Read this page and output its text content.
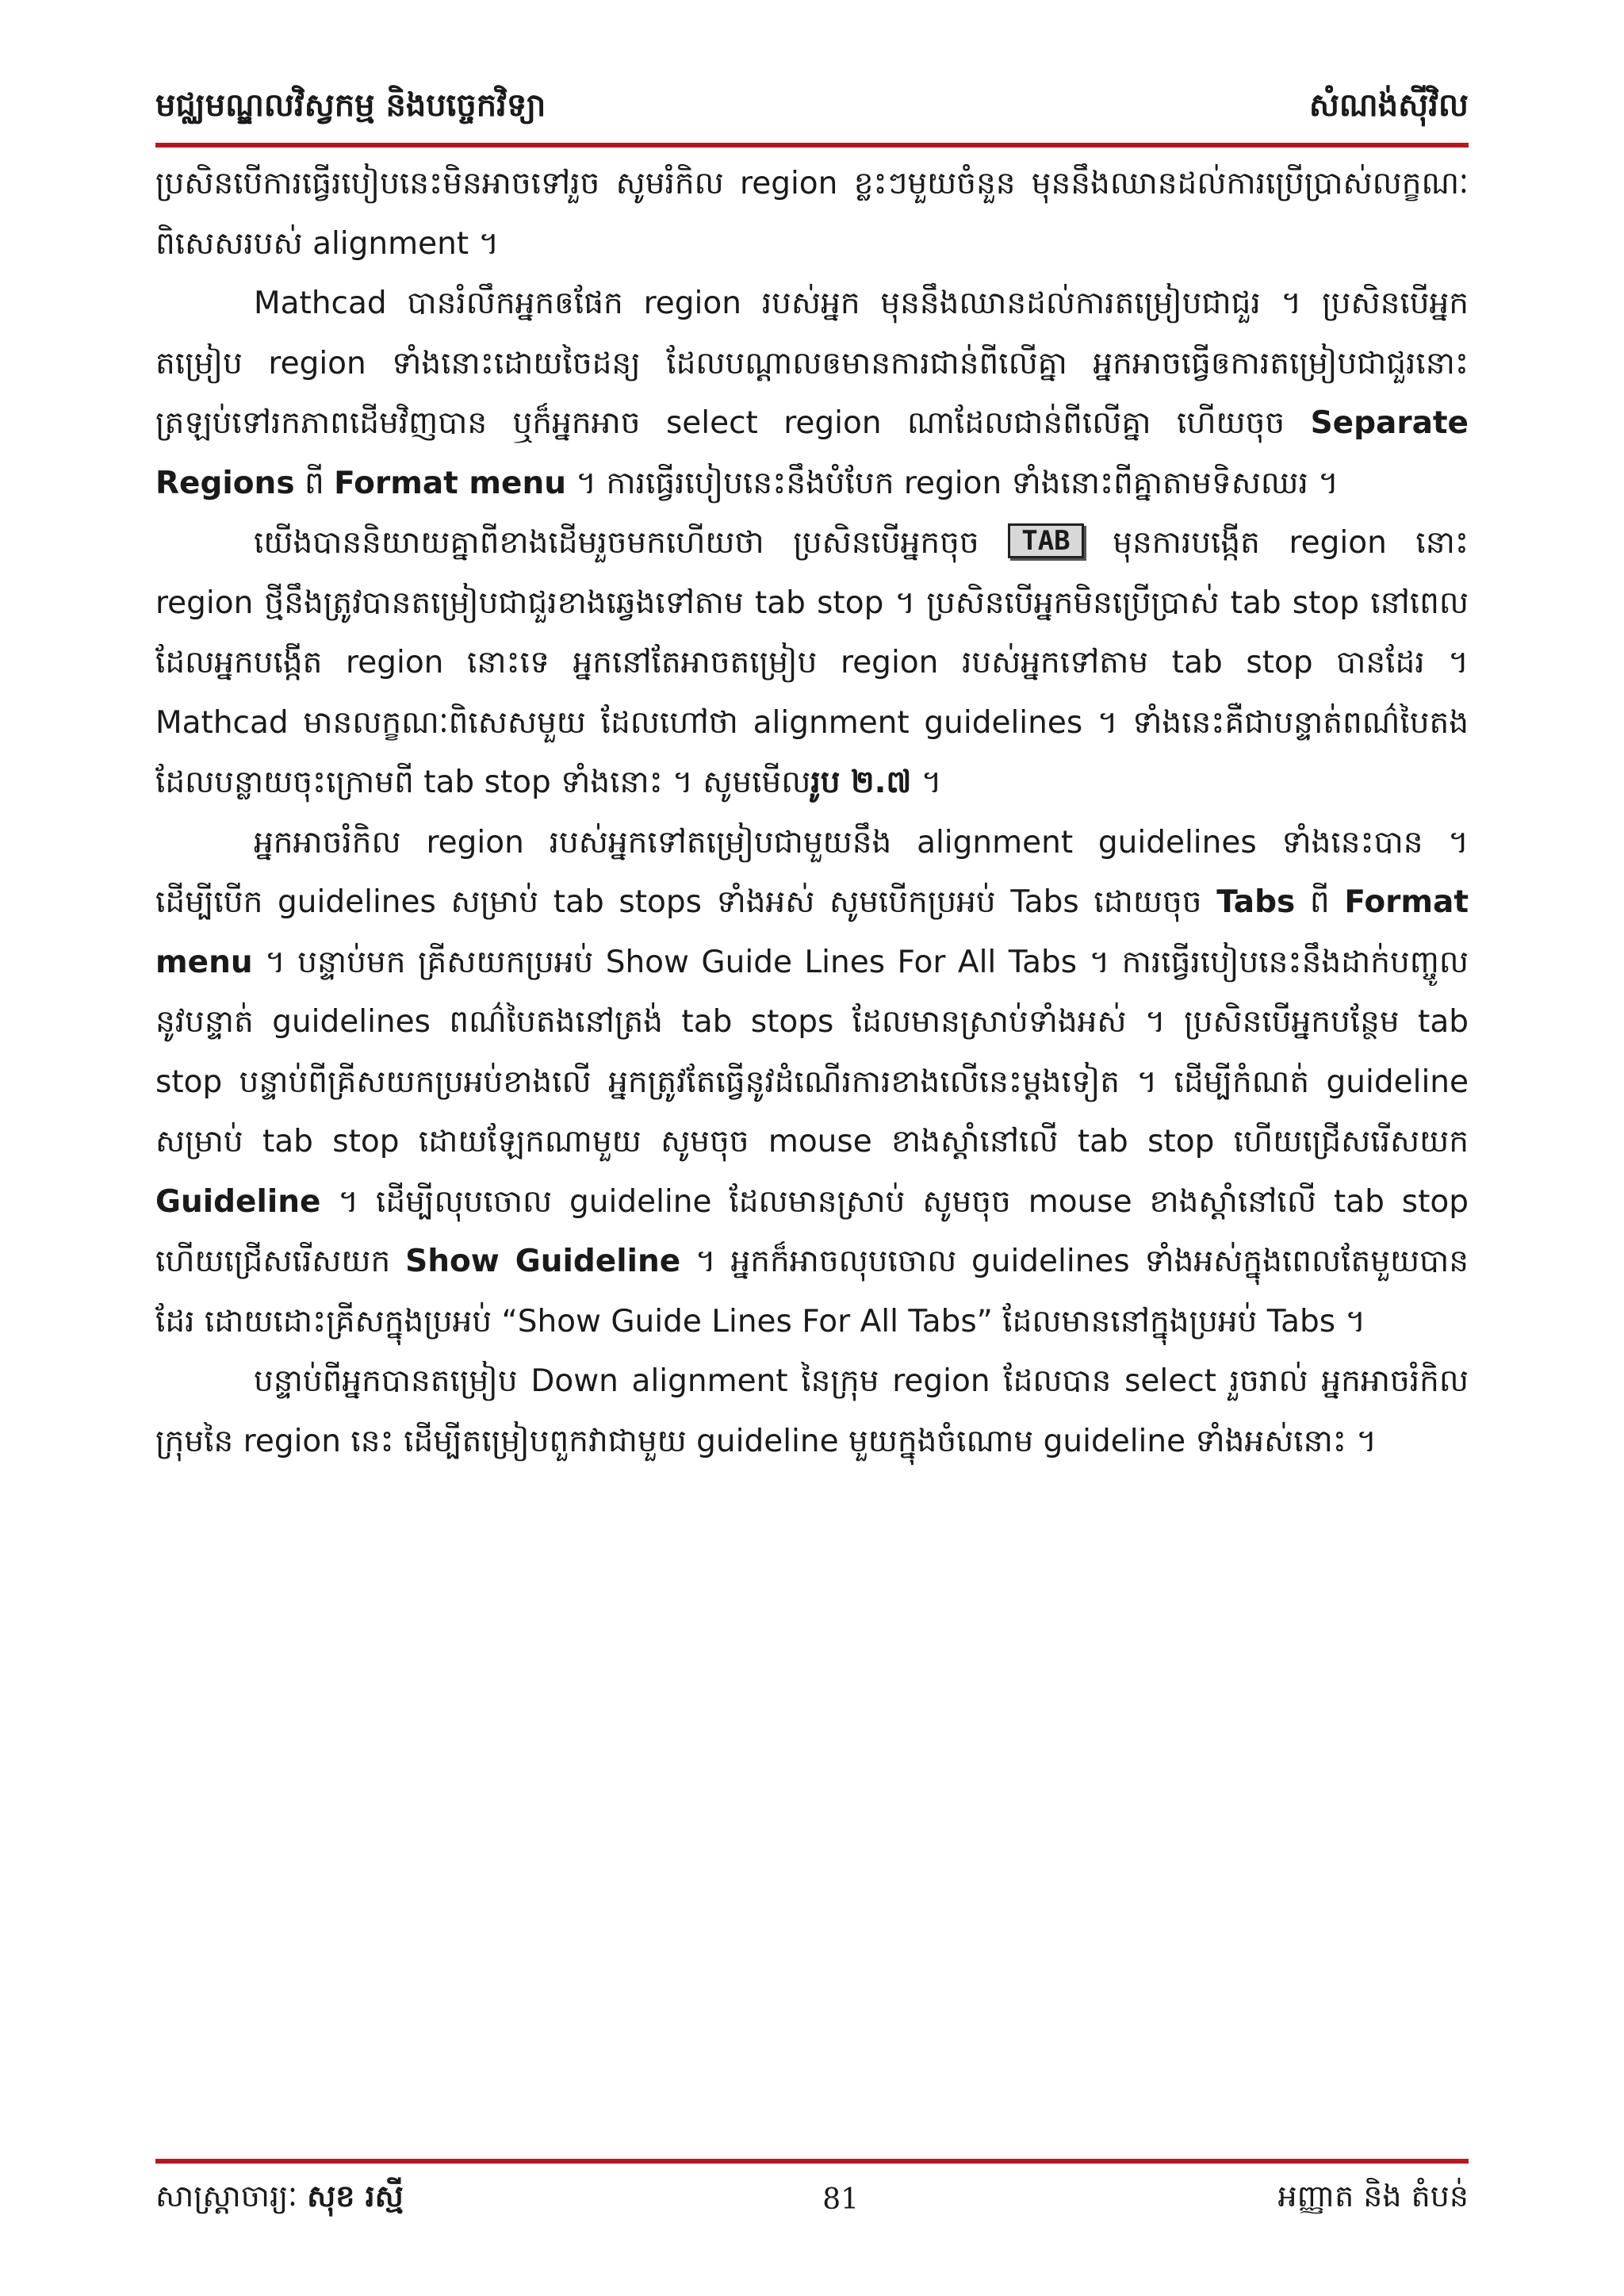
មជ្ឈមណ្ឌលវិស្វកម្ម និងបច្ចេកវិទ្យា	សំណង់ស៊ីវិល

ប្រសិនបើការធ្វើរបៀបនេះមិនអាចទៅរួច សូមរំកិល region ខ្លះៗមួយចំនួន មុននឹងឈានដល់ការប្រើប្រាស់លក្ខណៈពិសេសរបស់ alignment ។

Mathcad បានរំលឹកអ្នកឲផែក region របស់អ្នក មុននឹងឈានដល់ការតម្រៀបជាជួរ ។ ប្រសិនបើអ្នកតម្រៀប region ទាំងនោះដោយចៃដន្យ ដែលបណ្តាលឲមានការជាន់ពីលើគ្នា អ្នកអាចធ្វើឲការតម្រៀបជាជួរនោះត្រឡប់ទៅរកភាពដើមវិញបាន ឬក៏អ្នកអាច select region ណាដែលជាន់ពីលើគ្នា ហើយចុច Separate Regions ពី Format menu ។ ការធ្វើរបៀបនេះនឹងបំបែក region ទាំងនោះពីគ្នាតាមទិសឈរ ។

យើងបាននិយាយគ្នាពីខាងដើមរួចមកហើយថា ប្រសិនបើអ្នកចុច TAB មុនការបង្កើត region នោះ region ថ្មីនឹងត្រូវបានតម្រៀបជាជួរខាងឆ្វេងទៅតាម tab stop ។ ប្រសិនបើអ្នកមិនប្រើប្រាស់ tab stop នៅពេលដែលអ្នកបង្កើត region នោះទេ អ្នកនៅតែអាចតម្រៀប region របស់អ្នកទៅតាម tab stop បានដែរ ។ Mathcad មានលក្ខណៈពិសេសមួយ ដែលហៅថា alignment guidelines ។ ទាំងនេះគឺជាបន្ទាត់ពណ៌បៃតង ដែលបន្លាយចុះក្រោមពី tab stop ទាំងនោះ ។ សូមមើលរូប ២.៧ ។

អ្នកអាចរំកិល region របស់អ្នកទៅតម្រៀបជាមួយនឹង alignment guidelines ទាំងនេះបាន ។ ដើម្បីបើក guidelines សម្រាប់ tab stops ទាំងអស់ សូមបើកប្រអប់ Tabs ដោយចុច Tabs ពី Format menu ។ បន្ទាប់មក គ្រីសយកប្រអប់ Show Guide Lines For All Tabs ។ ការធ្វើរបៀបនេះនឹងដាក់បញ្ចូលនូវបន្ទាត់ guidelines ពណ៌បៃតងនៅត្រង់ tab stops ដែលមានស្រាប់ទាំងអស់ ។ ប្រសិនបើអ្នកបន្ថែម tab stop បន្ទាប់ពីគ្រីសយកប្រអប់ខាងលើ អ្នកត្រូវតែធ្វើនូវដំណើរការខាងលើនេះម្តងទៀត ។ ដើម្បីកំណត់ guideline សម្រាប់ tab stop ដោយឡែកណាមួយ សូមចុច mouse ខាងស្តាំនៅលើ tab stop ហើយជ្រើសរើសយក Guideline ។ ដើម្បីលុបចោល guideline ដែលមានស្រាប់ សូមចុច mouse ខាងស្តាំនៅលើ tab stop ហើយជ្រើសរើសយក Show Guideline ។ អ្នកក៏អាចលុបចោល guidelines ទាំងអស់ក្នុងពេលតែមួយបានដែរ ដោយដោះគ្រីសក្នុងប្រអប់ “Show Guide Lines For All Tabs” ដែលមាននៅក្នុងប្រអប់ Tabs ។

បន្ទាប់ពីអ្នកបានតម្រៀប Down alignment នៃក្រុម region ដែលបាន select រួចរាល់ អ្នកអាចរំកិលក្រុមនៃ region នេះ ដើម្បីតម្រៀបពួកវាជាមួយ guideline មួយក្នុងចំណោម guideline ទាំងអស់នោះ ។

សាស្ត្រាចារ្យៈ សុខ រស្មី	81	អញ្ញាត និង តំបន់
